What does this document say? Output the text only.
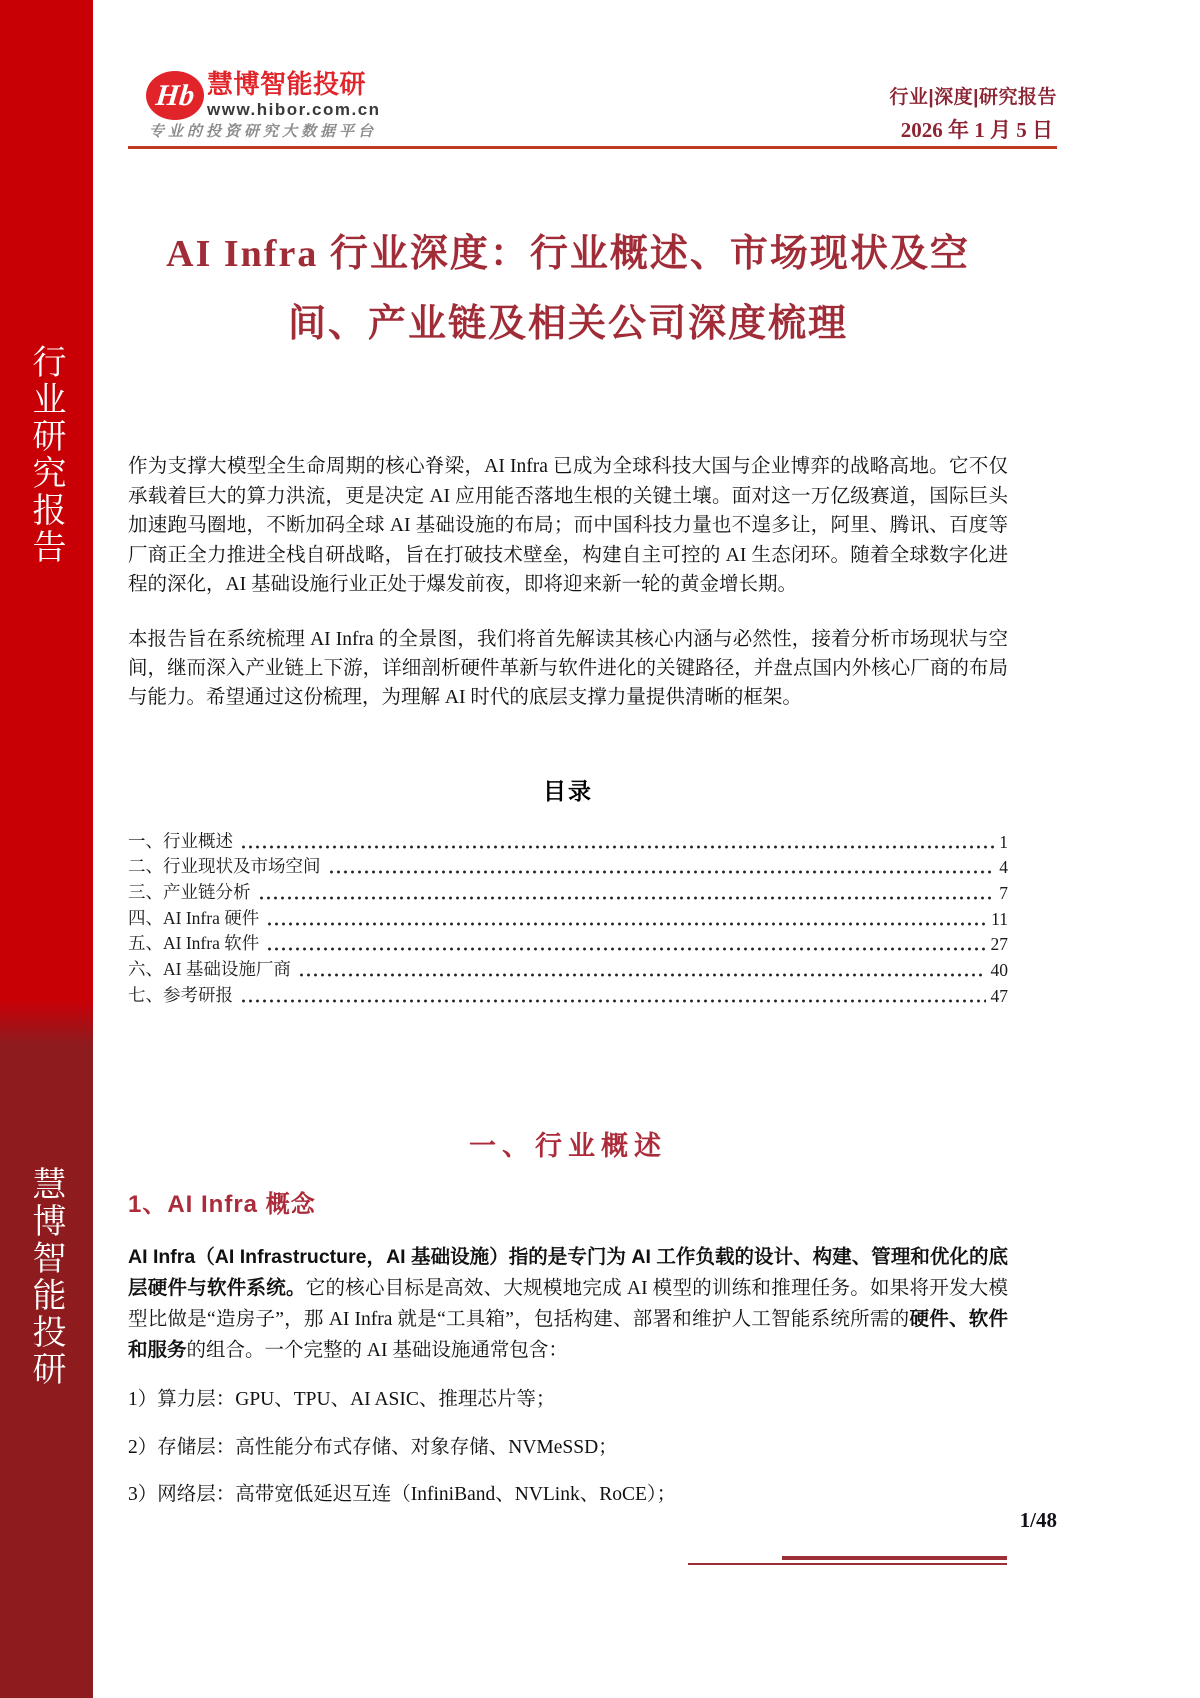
行业研究报告
慧博智能投研
Hb 慧博智能投研
www.hibor.com.cn
专业的投资研究大数据平台
行业|深度|研究报告
2026 年 1 月 5 日
AI Infra 行业深度：行业概述、市场现状及空
间、产业链及相关公司深度梳理

作为支撑大模型全生命周期的核心脊梁，AI Infra 已成为全球科技大国与企业博弈的战略高地。它不仅承载着巨大的算力洪流，更是决定 AI 应用能否落地生根的关键土壤。面对这一万亿级赛道，国际巨头加速跑马圈地，不断加码全球 AI 基础设施的布局；而中国科技力量也不遑多让，阿里、腾讯、百度等厂商正全力推进全栈自研战略，旨在打破技术壁垒，构建自主可控的 AI 生态闭环。随着全球数字化进程的深化，AI 基础设施行业正处于爆发前夜，即将迎来新一轮的黄金增长期。

本报告旨在系统梳理 AI Infra 的全景图，我们将首先解读其核心内涵与必然性，接着分析市场现状与空间，继而深入产业链上下游，详细剖析硬件革新与软件进化的关键路径，并盘点国内外核心厂商的布局与能力。希望通过这份梳理，为理解 AI 时代的底层支撑力量提供清晰的框架。

目录
一、行业概述	1
二、行业现状及市场空间	4
三、产业链分析	7
四、AI Infra 硬件	11
五、AI Infra 软件	27
六、AI 基础设施厂商	40
七、参考研报	47
一、行业概述
1、AI Infra 概念

AI Infra（AI Infrastructure，AI 基础设施）指的是专门为 AI 工作负载的设计、构建、管理和优化的底层硬件与软件系统。它的核心目标是高效、大规模地完成 AI 模型的训练和推理任务。如果将开发大模型比做是“造房子”，那 AI Infra 就是“工具箱”，包括构建、部署和维护人工智能系统所需的硬件、软件和服务的组合。一个完整的 AI 基础设施通常包含：

1）算力层：GPU、TPU、AI ASIC、推理芯片等；

2）存储层：高性能分布式存储、对象存储、NVMeSSD；

3）网络层：高带宽低延迟互连（InfiniBand、NVLink、RoCE）；

1/48
